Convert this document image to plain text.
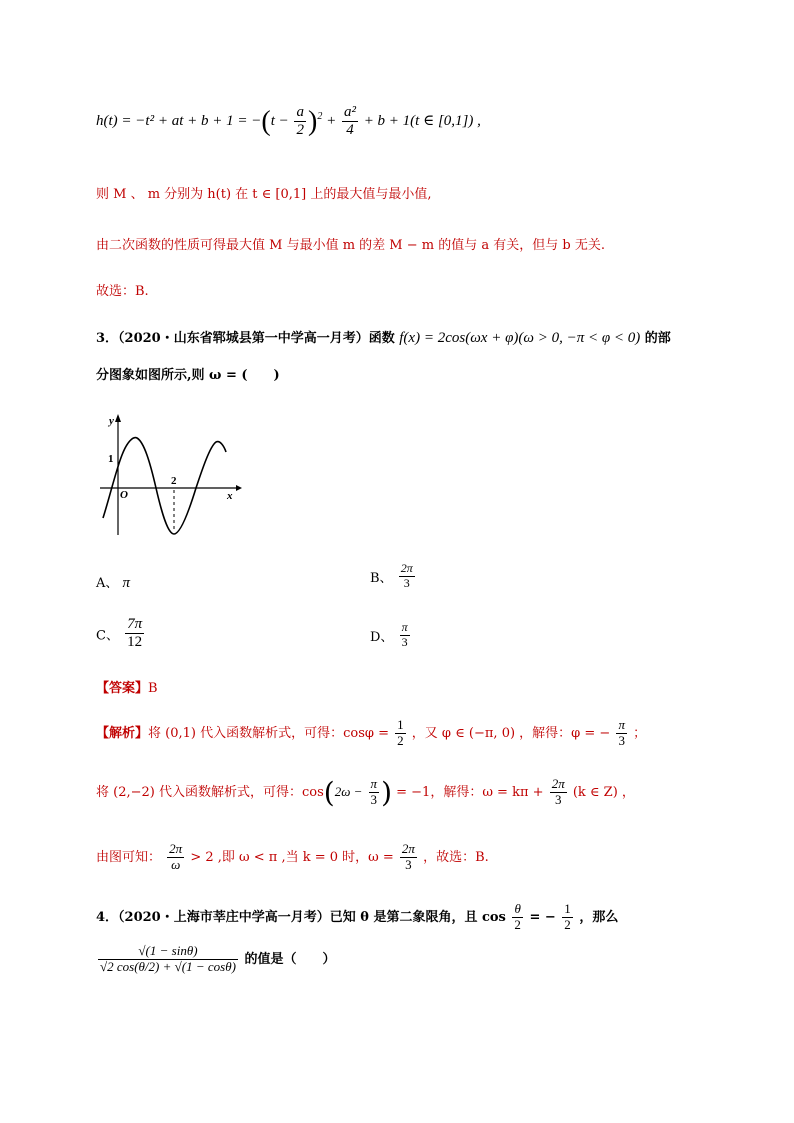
h(t) = −t² + at + $b + 1 = -(t - \frac{a}{2} )^2 + \frac{\text{a²}}{4} + b + 1(t$ ∈ [0,1]) ,
则 M 、 m 分别为 h(t) 在 t ∈ [0,1] 上的最大值与最小值,
由二次函数的性质可得最大值 M 与最小值 m 的差 M − m 的值与 a 有关，但与 b 无关.
故选：B.
3．（2020・山东省郓城县第一中学高一月考）函数 f(x) = 2cos(ωx + φ)(ω > 0, −π < φ < 0) 的部
分图象如图所示,则 ω = (　　)
y
x
1
O
2
A、 π	B、 $\frac{2\pi}{3}$
C、 $\frac{7\pi}{12}$	D、 $\frac{\pi}{3}$
【答案】B
【解析】将 (0,1) 代入函数解析式，可得：$\cos\varphi = \frac{1}{2}$ ，又 φ ∈ (−π, 0) ，解得：φ = − $\frac{\pi}{3}$ ；
将 (2,−2) 代入函数解析式，可得：$\cos(2\omega - \frac{\pi}{3}$ ) = −1，解得：$\omega = k\pi + \frac{2\pi}{3} (k$ ∈ Z) ，
由图可知： $\frac{2\pi}{\omega} > 2$ ,即 ω < π ,当 k = 0 时，$\omega = \frac{2\pi}{3}$ ，故选：B.
4．（2020・上海市莘庄中学高一月考）已知 θ 是第二象限角，且 $\cos \frac{\theta}{2}$ = − $\frac{1}{2}$ ，那么
$\frac{√(1 - \sin\theta)}{√2 \cos(\theta/2) + √(1 - \cos\theta)}$ 的值是（　　）
